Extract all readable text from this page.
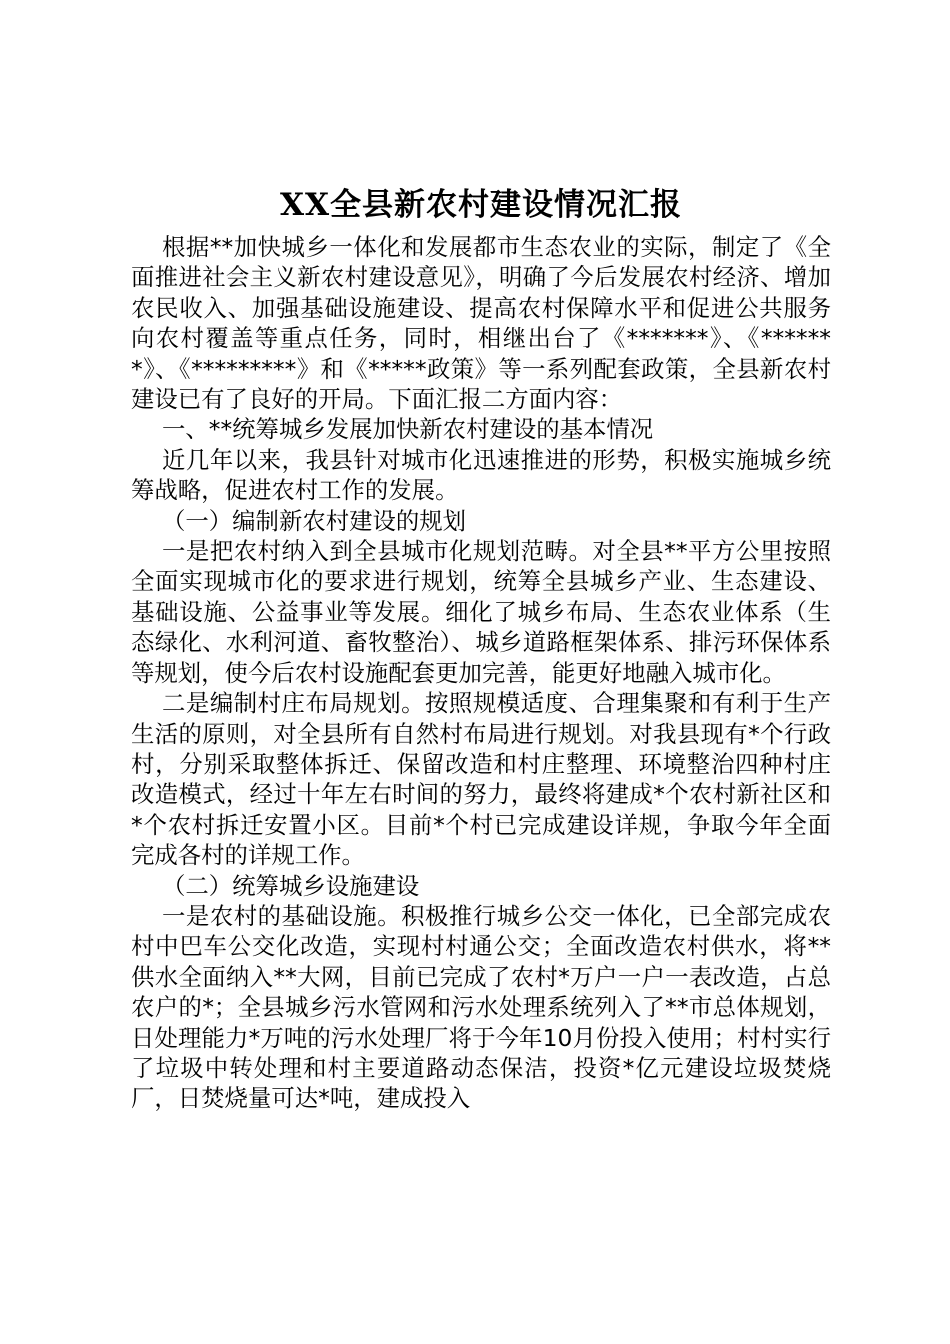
XX全县新农村建设情况汇报

根据**加快城乡一体化和发展都市生态农业的实际，制定了《全面推进社会主义新农村建设意见》，明确了今后发展农村经济、增加农民收入、加强基础设施建设、提高农村保障水平和促进公共服务向农村覆盖等重点任务，同时，相继出台了《*******》、《*******》、《*********》和《*****政策》等一系列配套政策，全县新农村建设已有了良好的开局。下面汇报二方面内容：

一、**统筹城乡发展加快新农村建设的基本情况

近几年以来，我县针对城市化迅速推进的形势，积极实施城乡统筹战略，促进农村工作的发展。

（一）编制新农村建设的规划

一是把农村纳入到全县城市化规划范畴。对全县**平方公里按照全面实现城市化的要求进行规划，统筹全县城乡产业、生态建设、基础设施、公益事业等发展。细化了城乡布局、生态农业体系（生态绿化、水利河道、畜牧整治）、城乡道路框架体系、排污环保体系等规划，使今后农村设施配套更加完善，能更好地融入城市化。

二是编制村庄布局规划。按照规模适度、合理集聚和有利于生产生活的原则，对全县所有自然村布局进行规划。对我县现有*个行政村，分别采取整体拆迁、保留改造和村庄整理、环境整治四种村庄改造模式，经过十年左右时间的努力，最终将建成*个农村新社区和*个农村拆迁安置小区。目前*个村已完成建设详规，争取今年全面完成各村的详规工作。

（二）统筹城乡设施建设

一是农村的基础设施。积极推行城乡公交一体化，已全部完成农村中巴车公交化改造，实现村村通公交；全面改造农村供水，将**供水全面纳入**大网，目前已完成了农村*万户一户一表改造，占总农户的*；全县城乡污水管网和污水处理系统列入了**市总体规划，日处理能力*万吨的污水处理厂将于今年10月份投入使用；村村实行了垃圾中转处理和村主要道路动态保洁，投资*亿元建设垃圾焚烧厂，日焚烧量可达*吨，建成投入
